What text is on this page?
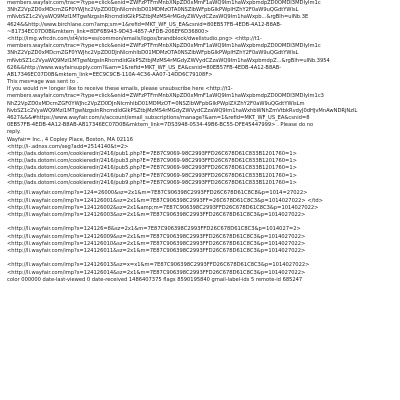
members.wayfair.com/trac=?type=click&enid=ZWFzPTFmMnbXNpZD0xMmF1aWQ9Im1haWxpbmdpZD0OMDI3MDIyIm1c
3NhZ2VpZD0xMDcmZGF0YWJhc2VpZD0DJnNlcmhlbD01MDMzOTA0NSZlbWFpbGlkPWplHZhY2F0aW9uQGdtYWlsL
mNvbSZ1c2VyaWQ9MzI1MTgwNzgsInRhcmdldGlkPSZtbjMzMS4rMGdyZWVydCZzaWQ9Im1haWxpb...&rgBlh=ulNb.3E
4624&&http://www.birchlane.com?amp;sm=1&refid=MKT_WF_US_EA&csnid=80EB57FB-4EDB-4A12-B8AB-
~81734EC07D0B&mktem_link=8DF6B943-9D43-4857-AFDB-206EF6D36800>
<http://img.wfrcdn.com/st4/sto=es/common/emails/logos/brandblock/dwellstudio.png> <http://t1-
members.wayfair.com/trac=?type=click&enid=ZWFzPTFmMnbXNpZD0xMmF1aWQ9Im1haWxpbmdpZD0OMDI3MDIyIm1c
3NhZ2VpZD0xMDcmZGF0YWJhc2VpZD0DJnNlcmhlbD01MDMzOTA0NSZlbWFpbGlkPWplHZhY2F0aW9uQGdtYWlsL
mNvbSZ1c2VyaWQ9MzI1MTgwNzgsInRhcmdldGlkPSZtbjMzMS4rMGdyZWVydCZzaWQ9Im1haWxpbmdpZ...&rgBlh=ulNb.3954
626&&http://www.wayfairsupply.com?&am=1&refid=MKT_WF_US_EA&csnid=80EB57FB-4EDB-4A12-B8AB-
AB17346EC07D0B&mktem_link=EEC9C9CB-110A-4C36-AA07-14DD6C79108F>
This mes=age was sent to .
If you would n= longer like to receive these emails, please unsubscribe here <http://t1-
members.wayfair.com/trac=?type=click&enid=ZWFzPTFmMnbXNpZD0xMmF1aWQ9Im1haWxpbmdpZD0OMDI3MDIyIm1c3
NhZ2VpZD0xMDcmZGF0YWJhc2VpZD0DJnNlcmhlbD01MDMzOT=0NSZlbWFpbGlkPWplZXZhY2F0aW9uQGdtYWlsLm
NvbSZ1c2VyaWQ9MzI1MTgwNzgsInRhcmdldGlkPSZtbjMzMS4rMGdyZWVydCZzaWQ9Im1haWxhbWNhZmVtbkRvdyJ0dHJvMnAwNDRjNzlL
4627&&&#https://www.wayfair.com/v/account/email_subscriptions/manage?&am=1&refid=MKT_WF_US_EA&csnid=8
0EB57FB-4EDB-4A12-B8AB-AB17346EC07D0B&mktem_link=7DS3948-0534-49B6-BC55-DFE45447999> . Please do no
reply.
Wayfair= Inc., 4 Copley Place, Boston, MA 02116
<http://i-.adnxs.com/seg?add=2514140&t=2>
<http://ads.dotomi.com/cookieredir/2416/pub1.php?E=7E87C9069-98C2993FFD26C678D61C833B1201760=1>
<http://ads.dotomi.com/cookieredir/2416/pub3.php?E=7E87C9069-98C2993FFD26C678D61C833B1201760=1>
<http://ads.dotomi.com/cookieredir/2416/pub5.php?E=7E87C9069-98C2993FFD26C678D61C833B1201760=1>
<http://ads.dotomi.com/cookieredir/2416/pub7.php?E=7E87C9069-98C2993FFD26C678D61C833B1201760=1>
<http://ads.dotomi.com/cookieredir/2416/pub9.php?E=7E87C9069-98C2993FFD26C678D61C833B1201760=1>
<http://li.wayfair.com/imp?s=124=26000&sz=2x1&m=7E87C906398C2993FFD26C678D61C8C8&p=1014=27022>
<http://li.wayfair.com/imp?s=124126001&sz=2x1&m=7E87C906398C2993FF=26C678D61C8C3&p=1014027022> </td>
<http://li.wayfair.com/imp?s=124126002&sz=2x1&amp;m=7E87C906398C2993FFD26C678D61C8C3&p=1014027022>
<http://li.wayfair.com/imp?s=124126003&sz=2x1&m=7E87C906398C2993FFD26C678D61C8C3&p=1014027022>
<http://li.wayfair.com/imp?s=124126=8&sz=2x1&m=7E87C906398C2993FFD26C678D61C8C3&p=1014027=2>
<http://li.wayfair.com/imp?s=124126009&sz=2x1&m=7E87C906398C2993FFD26C678D61C8C3&p=1014027022>
<http://li.wayfair.com/imp?s=124126010&sz=2x1&m=7E87C906398C2993FFD26C678D61C8C3&p=1014027022>
<http://li.wayfair.com/imp?s=124126011&sz=2x1&m=7E87C906398C2993FFD26C678D61C8C3&p=1014027022>
<http://li.wayfair.com/imp?s=124126013&sz=x=x1&m=7E87C906398C2993FFD26C678D61C8C3&p=1014027022>
<http://li.wayfair.com/imp?s=124126014&sz=2x1&m=7E87C906398C2993FFD26C678D61C8C3&p=1014027022>
color 000000 date-last-viewed 0 date-received 1486407375 flags 8590195840 gmail-label-ids 5 remote-id 685247
